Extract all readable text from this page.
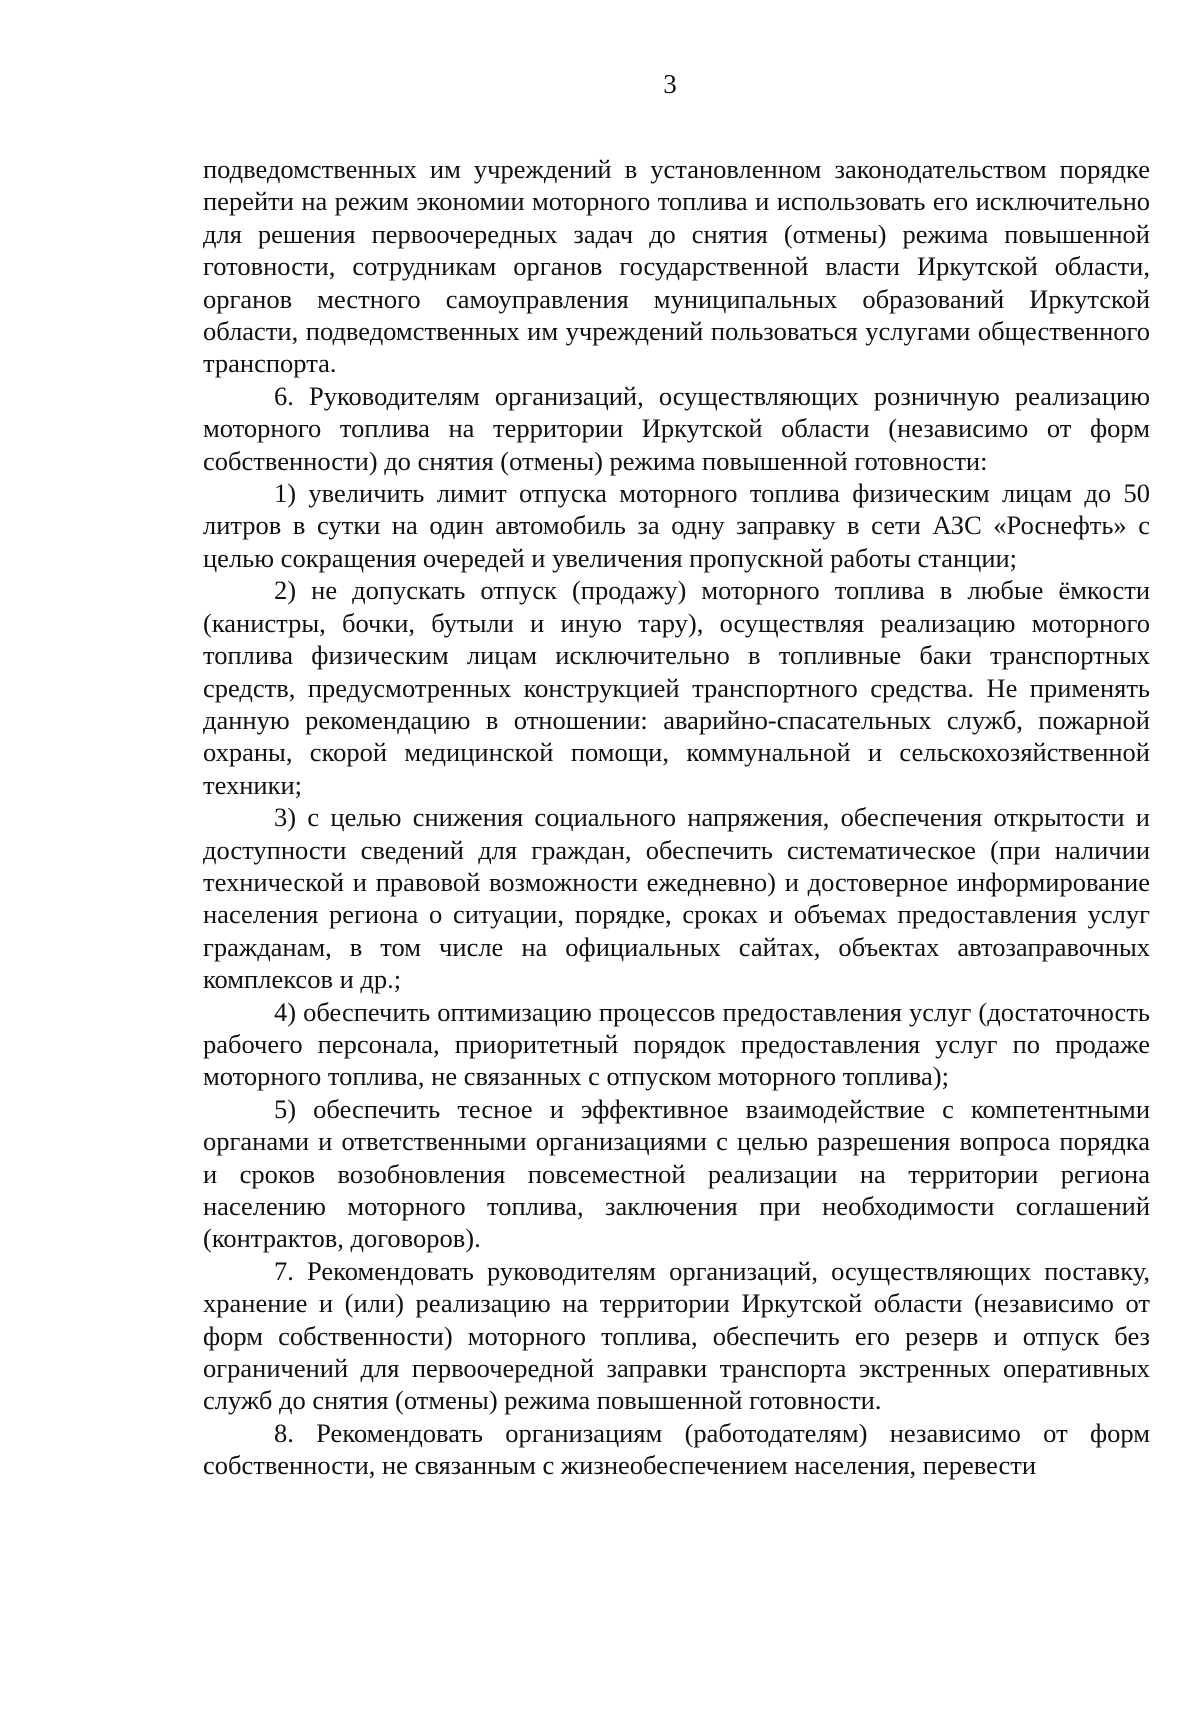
3

подведомственных им учреждений в установленном законодательством порядке перейти на режим экономии моторного топлива и использовать его исключительно для решения первоочередных задач до снятия (отмены) режима повышенной готовности, сотрудникам органов государственной власти Иркутской области, органов местного самоуправления муниципальных образований Иркутской области, подведомственных им учреждений пользоваться услугами общественного транспорта.

6. Руководителям организаций, осуществляющих розничную реализацию моторного топлива на территории Иркутской области (независимо от форм собственности) до снятия (отмены) режима повышенной готовности:

1) увеличить лимит отпуска моторного топлива физическим лицам до 50 литров в сутки на один автомобиль за одну заправку в сети АЗС «Роснефть» с целью сокращения очередей и увеличения пропускной работы станции;

2) не допускать отпуск (продажу) моторного топлива в любые ёмкости (канистры, бочки, бутыли и иную тару), осуществляя реализацию моторного топлива физическим лицам исключительно в топливные баки транспортных средств, предусмотренных конструкцией транспортного средства. Не применять данную рекомендацию в отношении: аварийно-спасательных служб, пожарной охраны, скорой медицинской помощи, коммунальной и сельскохозяйственной техники;

3) с целью снижения социального напряжения, обеспечения открытости и доступности сведений для граждан, обеспечить систематическое (при наличии технической и правовой возможности ежедневно) и достоверное информирование населения региона о ситуации, порядке, сроках и объемах предоставления услуг гражданам, в том числе на официальных сайтах, объектах автозаправочных комплексов и др.;

4) обеспечить оптимизацию процессов предоставления услуг (достаточность рабочего персонала, приоритетный порядок предоставления услуг по продаже моторного топлива, не связанных с отпуском моторного топлива);

5) обеспечить тесное и эффективное взаимодействие с компетентными органами и ответственными организациями с целью разрешения вопроса порядка и сроков возобновления повсеместной реализации на территории региона населению моторного топлива, заключения при необходимости соглашений (контрактов, договоров).

7. Рекомендовать руководителям организаций, осуществляющих поставку, хранение и (или) реализацию на территории Иркутской области (независимо от форм собственности) моторного топлива, обеспечить его резерв и отпуск без ограничений для первоочередной заправки транспорта экстренных оперативных служб до снятия (отмены) режима повышенной готовности.

8. Рекомендовать организациям (работодателям) независимо от форм собственности, не связанным с жизнеобеспечением населения, перевести
